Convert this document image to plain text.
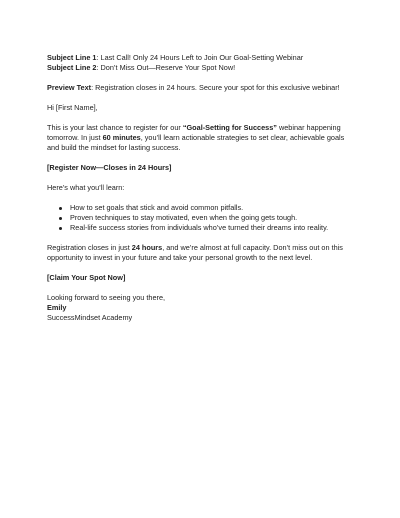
Subject Line 1: Last Call! Only 24 Hours Left to Join Our Goal-Setting Webinar

Subject Line 2: Don’t Miss Out—Reserve Your Spot Now!

Preview Text: Registration closes in 24 hours. Secure your spot for this exclusive webinar!

Hi [First Name],

This is your last chance to register for our “Goal-Setting for Success” webinar happening tomorrow. In just 60 minutes, you’ll learn actionable strategies to set clear, achievable goals and build the mindset for lasting success.

[Register Now—Closes in 24 Hours]

Here’s what you’ll learn:

How to set goals that stick and avoid common pitfalls.
Proven techniques to stay motivated, even when the going gets tough.
Real-life success stories from individuals who’ve turned their dreams into reality.

Registration closes in just 24 hours, and we’re almost at full capacity. Don’t miss out on this opportunity to invest in your future and take your personal growth to the next level.

[Claim Your Spot Now]

Looking forward to seeing you there,

Emily

SuccessMindset Academy
